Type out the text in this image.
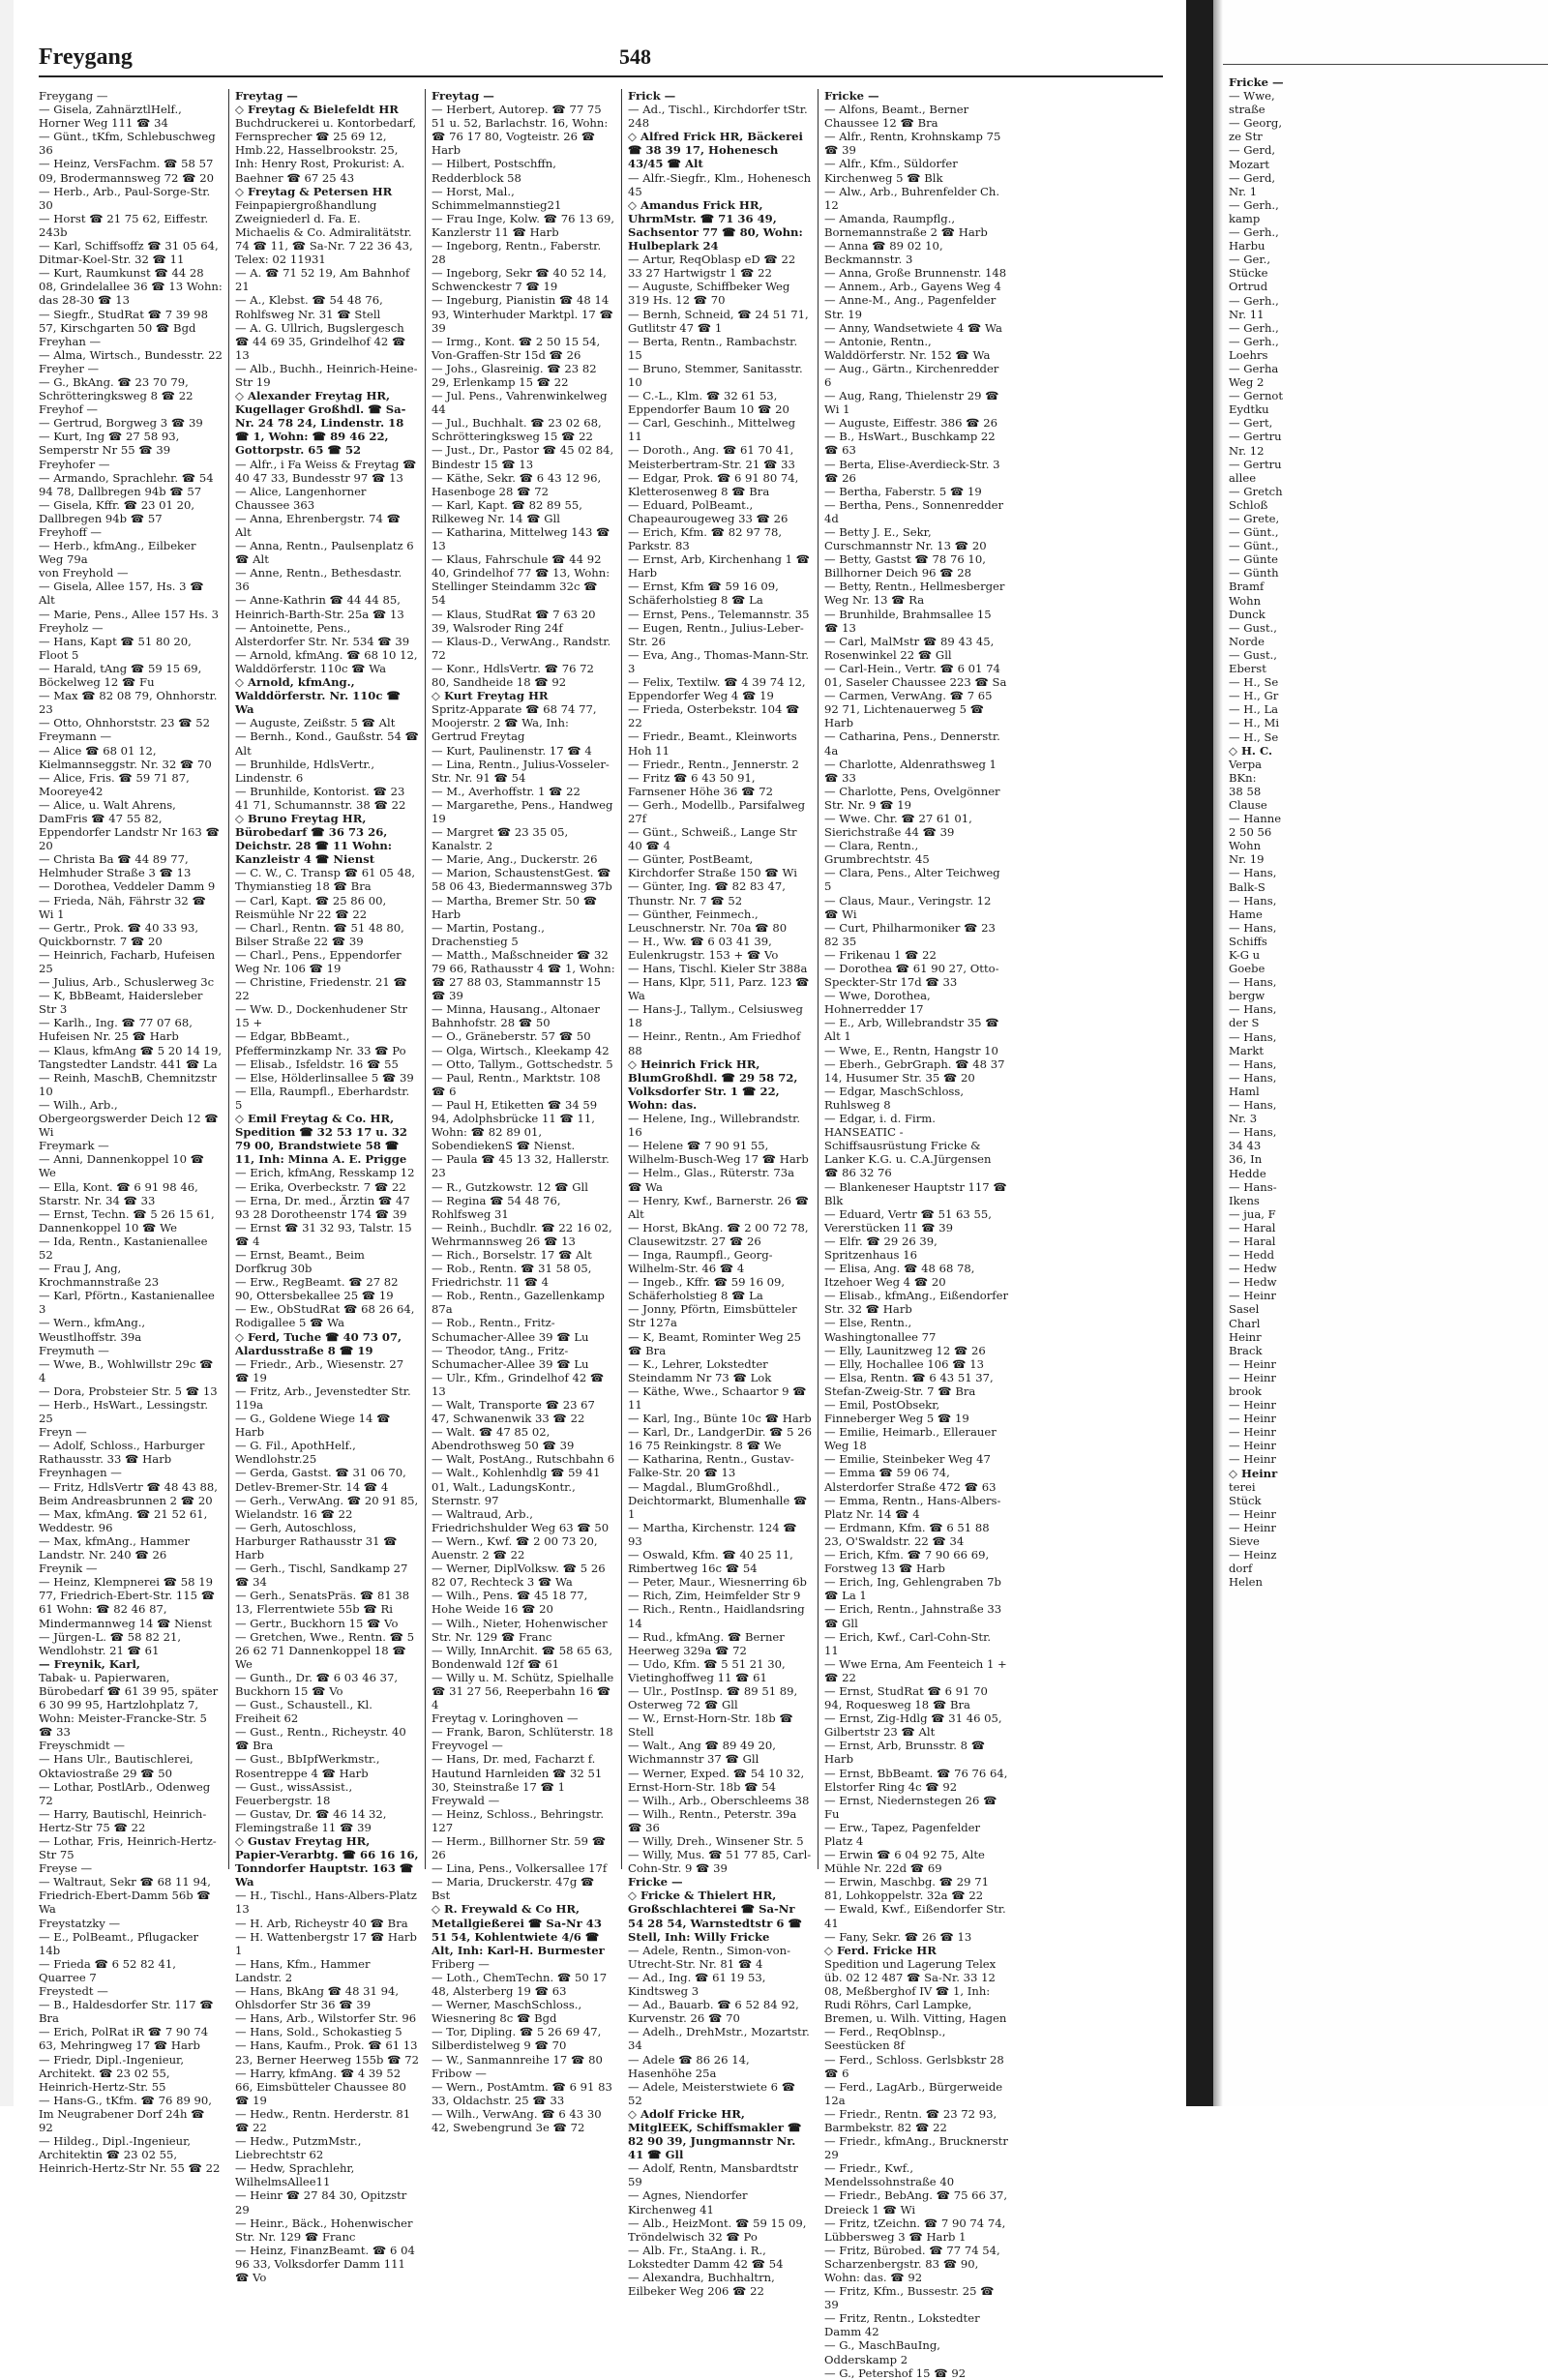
Freygang	548
Freygang —
— Gisela, ZahnärztlHelf., Horner Weg 111 ☎ 34
— Günt., tKfm, Schlebuschweg 36
— Heinz, VersFachm. ☎ 58 57 09, Brodermannsweg 72 ☎ 20
— Herb., Arb., Paul-Sorge-Str. 30
— Horst ☎ 21 75 62, Eiffestr. 243b
— Karl, Schiffsoffz ☎ 31 05 64, Ditmar-Koel-Str. 32 ☎ 11
— Kurt, Raumkunst ☎ 44 28 08, Grindelallee 36 ☎ 13 Wohn: das 28-30 ☎ 13
— Siegfr., StudRat ☎ 7 39 98 57, Kirschgarten 50 ☎ Bgd
Freyhan —
— Alma, Wirtsch., Bundesstr. 22
Freyher —
— G., BkAng. ☎ 23 70 79, Schrötteringksweg 8 ☎ 22
Freyhof —
— Gertrud, Borgweg 3 ☎ 39
— Kurt, Ing ☎ 27 58 93, Semperstr Nr 55 ☎ 39
Freyhofer —
— Armando, Sprachlehr. ☎ 54 94 78, Dallbregen 94b ☎ 57
— Gisela, Kffr. ☎ 23 01 20, Dallbregen 94b ☎ 57
Freyhoff —
— Herb., kfmAng., Eilbeker Weg 79a
von Freyhold —
— Gisela, Allee 157, Hs. 3 ☎ Alt
— Marie, Pens., Allee 157 Hs. 3
Freyholz —
— Hans, Kapt ☎ 51 80 20, Floot 5
— Harald, tAng ☎ 59 15 69, Böckelweg 12 ☎ Fu
— Max ☎ 82 08 79, Ohnhorstr. 23
— Otto, Ohnhorststr. 23 ☎ 52
Freymann —
— Alice ☎ 68 01 12, Kielmannseggstr. Nr. 32 ☎ 70
— Alice, Fris. ☎ 59 71 87, Mooreye42
— Alice, u. Walt Ahrens, DamFris ☎ 47 55 82, Eppendorfer Landstr Nr 163 ☎ 20
— Christa Ba ☎ 44 89 77, Helmhuder Straße 3 ☎ 13
— Dorothea, Veddeler Damm 9
— Frieda, Näh, Fährstr 32 ☎ Wi 1
— Gertr., Prok. ☎ 40 33 93, Quickbornstr. 7 ☎ 20
— Heinrich, Facharb, Hufeisen 25
— Julius, Arb., Schuslerweg 3c
— K, BbBeamt, Haidersleber Str 3
— Karlh., Ing. ☎ 77 07 68, Hufeisen Nr. 25 ☎ Harb
— Klaus, kfmAng ☎ 5 20 14 19, Tangstedter Landstr. 441 ☎ La
— Reinh, MaschB, Chemnitzstr 10
— Wilh., Arb., Obergeorgswerder Deich 12 ☎ Wi
Freymark —
— Anni, Dannenkoppel 10 ☎ We
— Ella, Kont. ☎ 6 91 98 46, Starstr. Nr. 34 ☎ 33
— Ernst, Techn. ☎ 5 26 15 61, Dannenkoppel 10 ☎ We
— Ida, Rentn., Kastanienallee 52
— Frau J, Ang, Krochmannstraße 23
— Karl, Pförtn., Kastanienallee 3
— Wern., kfmAng., Weustlhoffstr. 39a
Freymuth —
— Wwe, B., Wohlwillstr 29c ☎ 4
— Dora, Probsteier Str. 5 ☎ 13
— Herb., HsWart., Lessingstr. 25
Freyn —
— Adolf, Schloss., Harburger Rathausstr. 33 ☎ Harb
Freynhagen —
— Fritz, HdlsVertr ☎ 48 43 88, Beim Andreasbrunnen 2 ☎ 20
— Max, kfmAng. ☎ 21 52 61, Weddestr. 96
— Max, kfmAng., Hammer Landstr. Nr. 240 ☎ 26
Freynik —
— Heinz, Klempnerei ☎ 58 19 77, Friedrich-Ebert-Str. 115 ☎ 61 Wohn: ☎ 82 46 87, Mindermannweg 14 ☎ Nienst
— Jürgen-L. ☎ 58 82 21, Wendlohstr. 21 ☎ 61
— Freynik, Karl,
Tabak- u. Papierwaren, Bürobedarf ☎ 61 39 95, später 6 30 99 95, Hartzlohplatz 7, Wohn: Meister-Francke-Str. 5 ☎ 33
Freyschmidt —
— Hans Ulr., Bautischlerei, Oktaviostraße 29 ☎ 50
— Lothar, PostlArb., Odenweg 72
— Harry, Bautischl, Heinrich-Hertz-Str 75 ☎ 22
— Lothar, Fris, Heinrich-Hertz-Str 75
Freyse —
— Waltraut, Sekr ☎ 68 11 94, Friedrich-Ebert-Damm 56b ☎ Wa
Freystatzky —
— E., PolBeamt., Pflugacker 14b
— Frieda ☎ 6 52 82 41, Quarree 7
Freystedt —
— B., Haldesdorfer Str. 117 ☎ Bra
— Erich, PolRat iR ☎ 7 90 74 63, Mehringweg 17 ☎ Harb
— Friedr, Dipl.-Ingenieur, Architekt. ☎ 23 02 55, Heinrich-Hertz-Str. 55
— Hans-G., tKfm. ☎ 76 89 90, Im Neugrabener Dorf 24h ☎ 92
— Hildeg., Dipl.-Ingenieur, Architektin ☎ 23 02 55, Heinrich-Hertz-Str Nr. 55 ☎ 22
Freytag —
◇ Freytag & Bielefeldt HR
Buchdruckerei u. Kontorbedarf, Fernsprecher ☎ 25 69 12, Hmb.22, Hasselbrookstr. 25, Inh: Henry Rost, Prokurist: A. Baehner ☎ 67 25 43
◇ Freytag & Petersen HR
Feinpapiergroßhandlung Zweigniederl d. Fa. E. Michaelis & Co. Admiralitätstr. 74 ☎ 11, ☎ Sa-Nr. 7 22 36 43, Telex: 02 11931
— A. ☎ 71 52 19, Am Bahnhof 21
— A., Klebst. ☎ 54 48 76, Rohlfsweg Nr. 31 ☎ Stell
— A. G. Ullrich, Bugslergesch ☎ 44 69 35, Grindelhof 42 ☎ 13
— Alb., Buchh., Heinrich-Heine-Str 19
◇ Alexander Freytag HR, Kugellager Großhdl. ☎ Sa-Nr. 24 78 24, Lindenstr. 18 ☎ 1, Wohn: ☎ 89 46 22, Gottorpstr. 65 ☎ 52
— Alfr., i Fa Weiss & Freytag ☎ 40 47 33, Bundesstr 97 ☎ 13
— Alice, Langenhorner Chaussee 363
— Anna, Ehrenbergstr. 74 ☎ Alt
— Anna, Rentn., Paulsenplatz 6 ☎ Alt
— Anne, Rentn., Bethesdastr. 36
— Anne-Kathrin ☎ 44 44 85, Heinrich-Barth-Str. 25a ☎ 13
— Antoinette, Pens., Alsterdorfer Str. Nr. 534 ☎ 39
— Arnold, kfmAng. ☎ 68 10 12, Walddörferstr. 110c ☎ Wa
◇ Arnold, kfmAng., Walddörferstr. Nr. 110c ☎ Wa
— Auguste, Zeißstr. 5 ☎ Alt
— Bernh., Kond., Gaußstr. 54 ☎ Alt
— Brunhilde, HdlsVertr., Lindenstr. 6
— Brunhilde, Kontorist. ☎ 23 41 71, Schumannstr. 38 ☎ 22
◇ Bruno Freytag HR, Bürobedarf ☎ 36 73 26, Deichstr. 28 ☎ 11 Wohn: Kanzleistr 4 ☎ Nienst
— C. W., C. Transp ☎ 61 05 48, Thymianstieg 18 ☎ Bra
— Carl, Kapt. ☎ 25 86 00, Reismühle Nr 22 ☎ 22
— Charl., Rentn. ☎ 51 48 80, Bilser Straße 22 ☎ 39
— Charl., Pens., Eppendorfer Weg Nr. 106 ☎ 19
— Christine, Friedenstr. 21 ☎ 22
— Ww. D., Dockenhudener Str 15 +
— Edgar, BbBeamt., Pfefferminzkamp Nr. 33 ☎ Po
— Elisab., Isfeldstr. 16 ☎ 55
— Else, Hölderlinsallee 5 ☎ 39
— Ella, Raumpfl., Eberhardstr. 5
◇ Emil Freytag & Co. HR, Spedition ☎ 32 53 17 u. 32 79 00, Brandstwiete 58 ☎ 11, Inh: Minna A. E. Prigge
— Erich, kfmAng, Resskamp 12
— Erika, Overbeckstr. 7 ☎ 22
— Erna, Dr. med., Ärztin ☎ 47 93 28 Dorotheenstr 174 ☎ 39
— Ernst ☎ 31 32 93, Talstr. 15 ☎ 4
— Ernst, Beamt., Beim Dorfkrug 30b
— Erw., RegBeamt. ☎ 27 82 90, Ottersbekallee 25 ☎ 19
— Ew., ObStudRat ☎ 68 26 64, Rodigallee 5 ☎ Wa
◇ Ferd, Tuche ☎ 40 73 07, Alardusstraße 8 ☎ 19
— Friedr., Arb., Wiesenstr. 27 ☎ 19
— Fritz, Arb., Jevenstedter Str. 119a
— G., Goldene Wiege 14 ☎ Harb
— G. Fil., ApothHelf., Wendlohstr.25
— Gerda, Gastst. ☎ 31 06 70, Detlev-Bremer-Str. 14 ☎ 4
— Gerh., VerwAng. ☎ 20 91 85, Wielandstr. 16 ☎ 22
— Gerh, Autoschloss, Harburger Rathausstr 31 ☎ Harb
— Gerh., Tischl, Sandkamp 27 ☎ 34
— Gerh., SenatsPräs. ☎ 81 38 13, Flerrentwiete 55b ☎ Ri
— Gertr., Buckhorn 15 ☎ Vo
— Gretchen, Wwe., Rentn. ☎ 5 26 62 71 Dannenkoppel 18 ☎ We
— Gunth., Dr. ☎ 6 03 46 37, Buckhorn 15 ☎ Vo
— Gust., Schaustell., Kl. Freiheit 62
— Gust., Rentn., Richeystr. 40 ☎ Bra
— Gust., BbIpfWerkmstr., Rosentreppe 4 ☎ Harb
— Gust., wissAssist., Feuerbergstr. 18
— Gustav, Dr. ☎ 46 14 32, Flemingstraße 11 ☎ 39
◇ Gustav Freytag HR, Papier-Verarbtg. ☎ 66 16 16, Tonndorfer Hauptstr. 163 ☎ Wa
— H., Tischl., Hans-Albers-Platz 13
— H. Arb, Richeystr 40 ☎ Bra
— H. Wattenbergstr 17 ☎ Harb 1
— Hans, Kfm., Hammer Landstr. 2
— Hans, BkAng ☎ 48 31 94, Ohlsdorfer Str 36 ☎ 39
— Hans, Arb., Wilstorfer Str. 96
— Hans, Sold., Schokastieg 5
— Hans, Kaufm., Prok. ☎ 61 13 23, Berner Heerweg 155b ☎ 72
— Harry, kfmAng. ☎ 4 39 52 66, Eimsbütteler Chaussee 80 ☎ 19
— Hedw., Rentn. Herderstr. 81 ☎ 22
— Hedw., PutzmMstr., Liebrechtstr 62
— Hedw, Sprachlehr, WilhelmsAllee11
— Heinr ☎ 27 84 30, Opitzstr 29
— Heinr., Bäck., Hohenwischer Str. Nr. 129 ☎ Franc
— Heinz, FinanzBeamt. ☎ 6 04 96 33, Volksdorfer Damm 111 ☎ Vo
Freytag —
— Herbert, Autorep. ☎ 77 75 51 u. 52, Barlachstr. 16, Wohn: ☎ 76 17 80, Vogteistr. 26 ☎ Harb
— Hilbert, Postschffn, Redderblock 58
— Horst, Mal., Schimmelmannstieg21
— Frau Inge, Kolw. ☎ 76 13 69, Kanzlerstr 11 ☎ Harb
— Ingeborg, Rentn., Faberstr. 28
— Ingeborg, Sekr ☎ 40 52 14, Schwenckestr 7 ☎ 19
— Ingeburg, Pianistin ☎ 48 14 93, Winterhuder Marktpl. 17 ☎ 39
— Irmg., Kont. ☎ 2 50 15 54, Von-Graffen-Str 15d ☎ 26
— Johs., Glasreinig. ☎ 23 82 29, Erlenkamp 15 ☎ 22
— Jul. Pens., Vahrenwinkelweg 44
— Jul., Buchhalt. ☎ 23 02 68, Schrötteringksweg 15 ☎ 22
— Just., Dr., Pastor ☎ 45 02 84, Bindestr 15 ☎ 13
— Käthe, Sekr. ☎ 6 43 12 96, Hasenboge 28 ☎ 72
— Karl, Kapt. ☎ 82 89 55, Rilkeweg Nr. 14 ☎ Gll
— Katharina, Mittelweg 143 ☎ 13
— Klaus, Fahrschule ☎ 44 92 40, Grindelhof 77 ☎ 13, Wohn: Stellinger Steindamm 32c ☎ 54
— Klaus, StudRat ☎ 7 63 20 39, Walsroder Ring 24f
— Klaus-D., VerwAng., Randstr. 72
— Konr., HdlsVertr. ☎ 76 72 80, Sandheide 18 ☎ 92
◇ Kurt Freytag HR
Spritz-Apparate ☎ 68 74 77, Moojerstr. 2 ☎ Wa, Inh: Gertrud Freytag
— Kurt, Paulinenstr. 17 ☎ 4
— Lina, Rentn., Julius-Vosseler-Str. Nr. 91 ☎ 54
— M., Averhoffstr. 1 ☎ 22
— Margarethe, Pens., Handweg 19
— Margret ☎ 23 35 05, Kanalstr. 2
— Marie, Ang., Duckerstr. 26
— Marion, SchaustenstGest. ☎ 58 06 43, Biedermannsweg 37b
— Martha, Bremer Str. 50 ☎ Harb
— Martin, Postang., Drachenstieg 5
— Matth., Maßschneider ☎ 32 79 66, Rathausstr 4 ☎ 1, Wohn: ☎ 27 88 03, Stammannstr 15 ☎ 39
— Minna, Hausang., Altonaer Bahnhofstr. 28 ☎ 50
— O., Gräneberstr. 57 ☎ 50
— Olga, Wirtsch., Kleekamp 42
— Otto, Tallym., Gottschedstr. 5
— Paul, Rentn., Marktstr. 108 ☎ 6
— Paul H, Etiketten ☎ 34 59 94, Adolphsbrücke 11 ☎ 11, Wohn: ☎ 82 89 01, SobendiekenS ☎ Nienst.
— Paula ☎ 45 13 32, Hallerstr. 23
— R., Gutzkowstr. 12 ☎ Gll
— Regina ☎ 54 48 76, Rohlfsweg 31
— Reinh., Buchdlr. ☎ 22 16 02, Wehrmannsweg 26 ☎ 13
— Rich., Borselstr. 17 ☎ Alt
— Rob., Rentn. ☎ 31 58 05, Friedrichstr. 11 ☎ 4
— Rob., Rentn., Gazellenkamp 87a
— Rob., Rentn., Fritz-Schumacher-Allee 39 ☎ Lu
— Theodor, tAng., Fritz-Schumacher-Allee 39 ☎ Lu
— Ulr., Kfm., Grindelhof 42 ☎ 13
— Walt, Transporte ☎ 23 67 47, Schwanenwik 33 ☎ 22
— Walt. ☎ 47 85 02, Abendrothsweg 50 ☎ 39
— Walt, PostAng., Rutschbahn 6
— Walt., Kohlenhdlg ☎ 59 41 01, Walt., LadungsKontr., Sternstr. 97
— Waltraud, Arb., Friedrichshulder Weg 63 ☎ 50
— Wern., Kwf. ☎ 2 00 73 20, Auenstr. 2 ☎ 22
— Werner, DiplVolksw. ☎ 5 26 82 07, Rechteck 3 ☎ Wa
— Wilh., Pens. ☎ 45 18 77, Hohe Weide 16 ☎ 20
— Wilh., Nieter, Hohenwischer Str. Nr. 129 ☎ Franc
— Willy, InnArchit. ☎ 58 65 63, Bondenwald 12f ☎ 61
— Willy u. M. Schütz, Spielhalle ☎ 31 27 56, Reeperbahn 16 ☎ 4
Freytag v. Loringhoven —
— Frank, Baron, Schlüterstr. 18
Freyvogel —
— Hans, Dr. med, Facharzt f. Hautund Harnleiden ☎ 32 51 30, Steinstraße 17 ☎ 1
Freywald —
— Heinz, Schloss., Behringstr. 127
— Herm., Billhorner Str. 59 ☎ 26
— Lina, Pens., Volkersallee 17f
— Maria, Druckerstr. 47g ☎ Bst
◇ R. Freywald & Co HR, Metallgießerei ☎ Sa-Nr 43 51 54, Kohlentwiete 4/6 ☎ Alt, Inh: Karl-H. Burmester
Friberg —
— Loth., ChemTechn. ☎ 50 17 48, Alsterberg 19 ☎ 63
— Werner, MaschSchloss., Wiesnering 8c ☎ Bgd
— Tor, Dipling. ☎ 5 26 69 47, Silberdistelweg 9 ☎ 70
— W., Sanmannreihe 17 ☎ 80
Fribow —
— Wern., PostAmtm. ☎ 6 91 83 33, Oldachstr. 25 ☎ 33
— Wilh., VerwAng. ☎ 6 43 30 42, Swebengrund 3e ☎ 72
Frick —
— Ad., Tischl., Kirchdorfer tStr. 248
◇ Alfred Frick HR, Bäckerei ☎ 38 39 17, Hohenesch 43/45 ☎ Alt
— Alfr.-Siegfr., Klm., Hohenesch 45
◇ Amandus Frick HR, UhrmMstr. ☎ 71 36 49, Sachsentor 77 ☎ 80, Wohn: Hulbeplark 24
— Artur, ReqOblasp eD ☎ 22 33 27 Hartwigstr 1 ☎ 22
— Auguste, Schiffbeker Weg 319 Hs. 12 ☎ 70
— Bernh, Schneid, ☎ 24 51 71, Gutlitstr 47 ☎ 1
— Berta, Rentn., Rambachstr. 15
— Bruno, Stemmer, Sanitasstr. 10
— C.-L., Klm. ☎ 32 61 53, Eppendorfer Baum 10 ☎ 20
— Carl, Geschinh., Mittelweg 11
— Doroth., Ang. ☎ 61 70 41, Meisterbertram-Str. 21 ☎ 33
— Edgar, Prok. ☎ 6 91 80 74, Kletterosenweg 8 ☎ Bra
— Eduard, PolBeamt., Chapeaurougeweg 33 ☎ 26
— Erich, Kfm. ☎ 82 97 78, Parkstr. 83
— Ernst, Arb, Kirchenhang 1 ☎ Harb
— Ernst, Kfm ☎ 59 16 09, Schäferholstieg 8 ☎ La
— Ernst, Pens., Telemannstr. 35
— Eugen, Rentn., Julius-Leber-Str. 26
— Eva, Ang., Thomas-Mann-Str. 3
— Felix, Textilw. ☎ 4 39 74 12, Eppendorfer Weg 4 ☎ 19
— Frieda, Osterbekstr. 104 ☎ 22
— Friedr., Beamt., Kleinworts Hoh 11
— Friedr., Rentn., Jennerstr. 2
— Fritz ☎ 6 43 50 91, Farnsener Höhe 36 ☎ 72
— Gerh., Modellb., Parsifalweg 27f
— Günt., Schweiß., Lange Str 40 ☎ 4
— Günter, PostBeamt, Kirchdorfer Straße 150 ☎ Wi
— Günter, Ing. ☎ 82 83 47, Thunstr. Nr. 7 ☎ 52
— Günther, Feinmech., Leuschnerstr. Nr. 70a ☎ 80
— H., Ww. ☎ 6 03 41 39, Eulenkrugstr. 153 + ☎ Vo
— Hans, Tischl. Kieler Str 388a
— Hans, Klpr, 511, Parz. 123 ☎ Wa
— Hans-J., Tallym., Celsiusweg 18
— Heinr., Rentn., Am Friedhof 88
◇ Heinrich Frick HR, BlumGroßhdl. ☎ 29 58 72, Volksdorfer Str. 1 ☎ 22, Wohn: das.
— Helene, Ing., Willebrandstr. 16
— Helene ☎ 7 90 91 55, Wilhelm-Busch-Weg 17 ☎ Harb
— Helm., Glas., Rüterstr. 73a ☎ Wa
— Henry, Kwf., Barnerstr. 26 ☎ Alt
— Horst, BkAng. ☎ 2 00 72 78, Clausewitzstr. 27 ☎ 26
— Inga, Raumpfl., Georg-Wilhelm-Str. 46 ☎ 4
— Ingeb., Kffr. ☎ 59 16 09, Schäferholstieg 8 ☎ La
— Jonny, Pförtn, Eimsbütteler Str 127a
— K, Beamt, Rominter Weg 25 ☎ Bra
— K., Lehrer, Lokstedter Steindamm Nr 73 ☎ Lok
— Käthe, Wwe., Schaartor 9 ☎ 11
— Karl, Ing., Bünte 10c ☎ Harb
— Karl, Dr., LandgerDir. ☎ 5 26 16 75 Reinkingstr. 8 ☎ We
— Katharina, Rentn., Gustav-Falke-Str. 20 ☎ 13
— Magdal., BlumGroßhdl., Deichtormarkt, Blumenhalle ☎ 1
— Martha, Kirchenstr. 124 ☎ 93
— Oswald, Kfm. ☎ 40 25 11, Rimbertweg 16c ☎ 54
— Peter, Maur., Wiesnerring 6b
— Rich, Zim, Heimfelder Str 9
— Rich., Rentn., Haidlandsring 14
— Rud., kfmAng. ☎ Berner Heerweg 329a ☎ 72
— Udo, Kfm. ☎ 5 51 21 30, Vietinghoffweg 11 ☎ 61
— Ulr., PostInsp. ☎ 89 51 89, Osterweg 72 ☎ Gll
— W., Ernst-Horn-Str. 18b ☎ Stell
— Walt., Ang ☎ 89 49 20, Wichmannstr 37 ☎ Gll
— Werner, Exped. ☎ 54 10 32, Ernst-Horn-Str. 18b ☎ 54
— Wilh., Arb., Oberschleems 38
— Wilh., Rentn., Peterstr. 39a ☎ 36
— Willy, Dreh., Winsener Str. 5
— Willy, Mus. ☎ 51 77 85, Carl-Cohn-Str. 9 ☎ 39
Fricke —
◇ Fricke & Thielert HR, Großschlachterei ☎ Sa-Nr 54 28 54, Warnstedtstr 6 ☎ Stell, Inh: Willy Fricke
— Adele, Rentn., Simon-von-Utrecht-Str. Nr. 81 ☎ 4
— Ad., Ing. ☎ 61 19 53, Kindtsweg 3
— Ad., Bauarb. ☎ 6 52 84 92, Kurvenstr. 26 ☎ 70
— Adelh., DrehMstr., Mozartstr. 34
— Adele ☎ 86 26 14, Hasenhöhe 25a
— Adele, Meisterstwiete 6 ☎ 52
◇ Adolf Fricke HR, MitglEEK, Schiffsmakler ☎ 82 90 39, Jungmannstr Nr. 41 ☎ Gll
— Adolf, Rentn, Mansbardtstr 59
— Agnes, Niendorfer Kirchenweg 41
— Alb., HeizMont. ☎ 59 15 09, Tröndelwisch 32 ☎ Po
— Alb. Fr., StaAng. i. R., Lokstedter Damm 42 ☎ 54
— Alexandra, Buchhaltrn, Eilbeker Weg 206 ☎ 22
Fricke —
— Alfons, Beamt., Berner Chaussee 12 ☎ Bra
— Alfr., Rentn, Krohnskamp 75 ☎ 39
— Alfr., Kfm., Süldorfer Kirchenweg 5 ☎ Blk
— Alw., Arb., Buhrenfelder Ch. 12
— Amanda, Raumpflg., Bornemannstraße 2 ☎ Harb
— Anna ☎ 89 02 10, Beckmannstr. 3
— Anna, Große Brunnenstr. 148
— Annem., Arb., Gayens Weg 4
— Anne-M., Ang., Pagenfelder Str. 19
— Anny, Wandsetwiete 4 ☎ Wa
— Antonie, Rentn., Walddörferstr. Nr. 152 ☎ Wa
— Aug., Gärtn., Kirchenredder 6
— Aug, Rang, Thielenstr 29 ☎ Wi 1
— Auguste, Eiffestr. 386 ☎ 26
— B., HsWart., Buschkamp 22 ☎ 63
— Berta, Elise-Averdieck-Str. 3 ☎ 26
— Bertha, Faberstr. 5 ☎ 19
— Bertha, Pens., Sonnenredder 4d
— Betty J. E., Sekr, Curschmannstr Nr. 13 ☎ 20
— Betty, Gastst ☎ 78 76 10, Billhorner Deich 96 ☎ 28
— Betty, Rentn., Hellmesberger Weg Nr. 13 ☎ Ra
— Brunhilde, Brahmsallee 15 ☎ 13
— Carl, MalMstr ☎ 89 43 45, Rosenwinkel 22 ☎ Gll
— Carl-Hein., Vertr. ☎ 6 01 74 01, Saseler Chaussee 223 ☎ Sa
— Carmen, VerwAng. ☎ 7 65 92 71, Lichtenauerweg 5 ☎ Harb
— Catharina, Pens., Dennerstr. 4a
— Charlotte, Aldenrathsweg 1 ☎ 33
— Charlotte, Pens, Ovelgönner Str. Nr. 9 ☎ 19
— Wwe. Chr. ☎ 27 61 01, Sierichstraße 44 ☎ 39
— Clara, Rentn., Grumbrechtstr. 45
— Clara, Pens., Alter Teichweg 5
— Claus, Maur., Veringstr. 12 ☎ Wi
— Curt, Philharmoniker ☎ 23 82 35
— Frikenau 1 ☎ 22
— Dorothea ☎ 61 90 27, Otto-Speckter-Str 17d ☎ 33
— Wwe, Dorothea, Hohnerredder 17
— E., Arb, Willebrandstr 35 ☎ Alt 1
— Wwe, E., Rentn, Hangstr 10
— Eberh., GebrGraph. ☎ 48 37 14, Husumer Str. 35 ☎ 20
— Edgar, MaschSchloss, Ruhlsweg 8
— Edgar, i. d. Firm. HANSEATIC - Schiffsausrüstung Fricke & Lanker K.G. u. C.A.Jürgensen ☎ 86 32 76
— Blankeneser Hauptstr 117 ☎ Blk
— Eduard, Vertr ☎ 51 63 55, Vererstücken 11 ☎ 39
— Elfr. ☎ 29 26 39, Spritzenhaus 16
— Elisa, Ang. ☎ 48 68 78, Itzehoer Weg 4 ☎ 20
— Elisab., kfmAng., Eißendorfer Str. 32 ☎ Harb
— Else, Rentn., Washingtonallee 77
— Elly, Launitzweg 12 ☎ 26
— Elly, Hochallee 106 ☎ 13
— Elsa, Rentn. ☎ 6 43 51 37, Stefan-Zweig-Str. 7 ☎ Bra
— Emil, PostObsekr, Finneberger Weg 5 ☎ 19
— Emilie, Heimarb., Ellerauer Weg 18
— Emilie, Steinbeker Weg 47
— Emma ☎ 59 06 74, Alsterdorfer Straße 472 ☎ 63
— Emma, Rentn., Hans-Albers-Platz Nr. 14 ☎ 4
— Erdmann, Kfm. ☎ 6 51 88 23, O'Swaldstr. 22 ☎ 34
— Erich, Kfm. ☎ 7 90 66 69, Forstweg 13 ☎ Harb
— Erich, Ing, Gehlengraben 7b ☎ La 1
— Erich, Rentn., Jahnstraße 33 ☎ Gll
— Erich, Kwf., Carl-Cohn-Str. 11
— Wwe Erna, Am Feenteich 1 + ☎ 22
— Ernst, StudRat ☎ 6 91 70 94, Roquesweg 18 ☎ Bra
— Ernst, Zig-Hdlg ☎ 31 46 05, Gilbertstr 23 ☎ Alt
— Ernst, Arb, Brunsstr. 8 ☎ Harb
— Ernst, BbBeamt. ☎ 76 76 64, Elstorfer Ring 4c ☎ 92
— Ernst, Niedernstegen 26 ☎ Fu
— Erw., Tapez, Pagenfelder Platz 4
— Erwin ☎ 6 04 92 75, Alte Mühle Nr. 22d ☎ 69
— Erwin, Maschbg. ☎ 29 71 81, Lohkoppelstr. 32a ☎ 22
— Ewald, Kwf., Eißendorfer Str. 41
— Fany, Sekr. ☎ 26 ☎ 13
◇ Ferd. Fricke HR
Spedition und Lagerung Telex üb. 02 12 487 ☎ Sa-Nr. 33 12 08, Meßberghof IV ☎ 1, Inh: Rudi Röhrs, Carl Lampke, Bremen, u. Wilh. Vitting, Hagen
— Ferd., ReqOblnsp., Seestücken 8f
— Ferd., Schloss. Gerlsbkstr 28 ☎ 6
— Ferd., LagArb., Bürgerweide 12a
— Friedr., Rentn. ☎ 23 72 93, Barmbekstr. 82 ☎ 22
— Friedr., kfmAng., Brucknerstr 29
— Friedr., Kwf., Mendelssohnstraße 40
— Friedr., BebAng. ☎ 75 66 37, Dreieck 1 ☎ Wi
— Fritz, tZeichn. ☎ 7 90 74 74, Lübbersweg 3 ☎ Harb 1
— Fritz, Bürobed. ☎ 77 74 54, Scharzenbergstr. 83 ☎ 90, Wohn: das. ☎ 92
— Fritz, Kfm., Bussestr. 25 ☎ 39
— Fritz, Rentn., Lokstedter Damm 42
— G., MaschBauIng, Odderskamp 2
— G., Petershof 15 ☎ 92
Fricke —
— Wwe,
straße
— Georg,
ze Str
— Gerd,
Mozart
— Gerd,
Nr. 1
— Gerh.,
kamp
— Gerh.,
Harbu
— Ger.,
Stücke
Ortrud
— Gerh.,
Nr. 11
— Gerh.,
— Gerh.,
Loehrs
— Gerha
Weg 2
— Gernot
Eydtku
— Gert,
— Gertru
Nr. 12
— Gertru
allee
— Gretch
Schloß
— Grete,
— Günt.,
— Günt.,
— Günte
— Günth
Bramf
Wohn
Dunck
— Gust.,
Norde
— Gust.,
Eberst
— H., Se
— H., Gr
— H., La
— H., Mi
— H., Se
◇ H. C.
Verpa
BKn:
38 58
Clause
— Hanne
2 50 56
Wohn
Nr. 19
— Hans,
Balk-S
— Hans,
Hame
— Hans,
Schiffs
K-G u
Goebe
— Hans,
bergw
— Hans,
der S
— Hans,
Markt
— Hans,
— Hans,
Haml
— Hans,
Nr. 3
— Hans,
34 43
36, In
Hedde
— Hans-
Ikens
— jua, F
— Haral
— Haral
— Hedd
— Hedw
— Hedw
— Heinr
Sasel
Charl
Heinr
Brack
— Heinr
— Heinr
brook
— Heinr
— Heinr
— Heinr
— Heinr
— Heinr
◇ Heinr
terei
Stück
— Heinr
— Heinr
Sieve
— Heinz
dorf
Helen
